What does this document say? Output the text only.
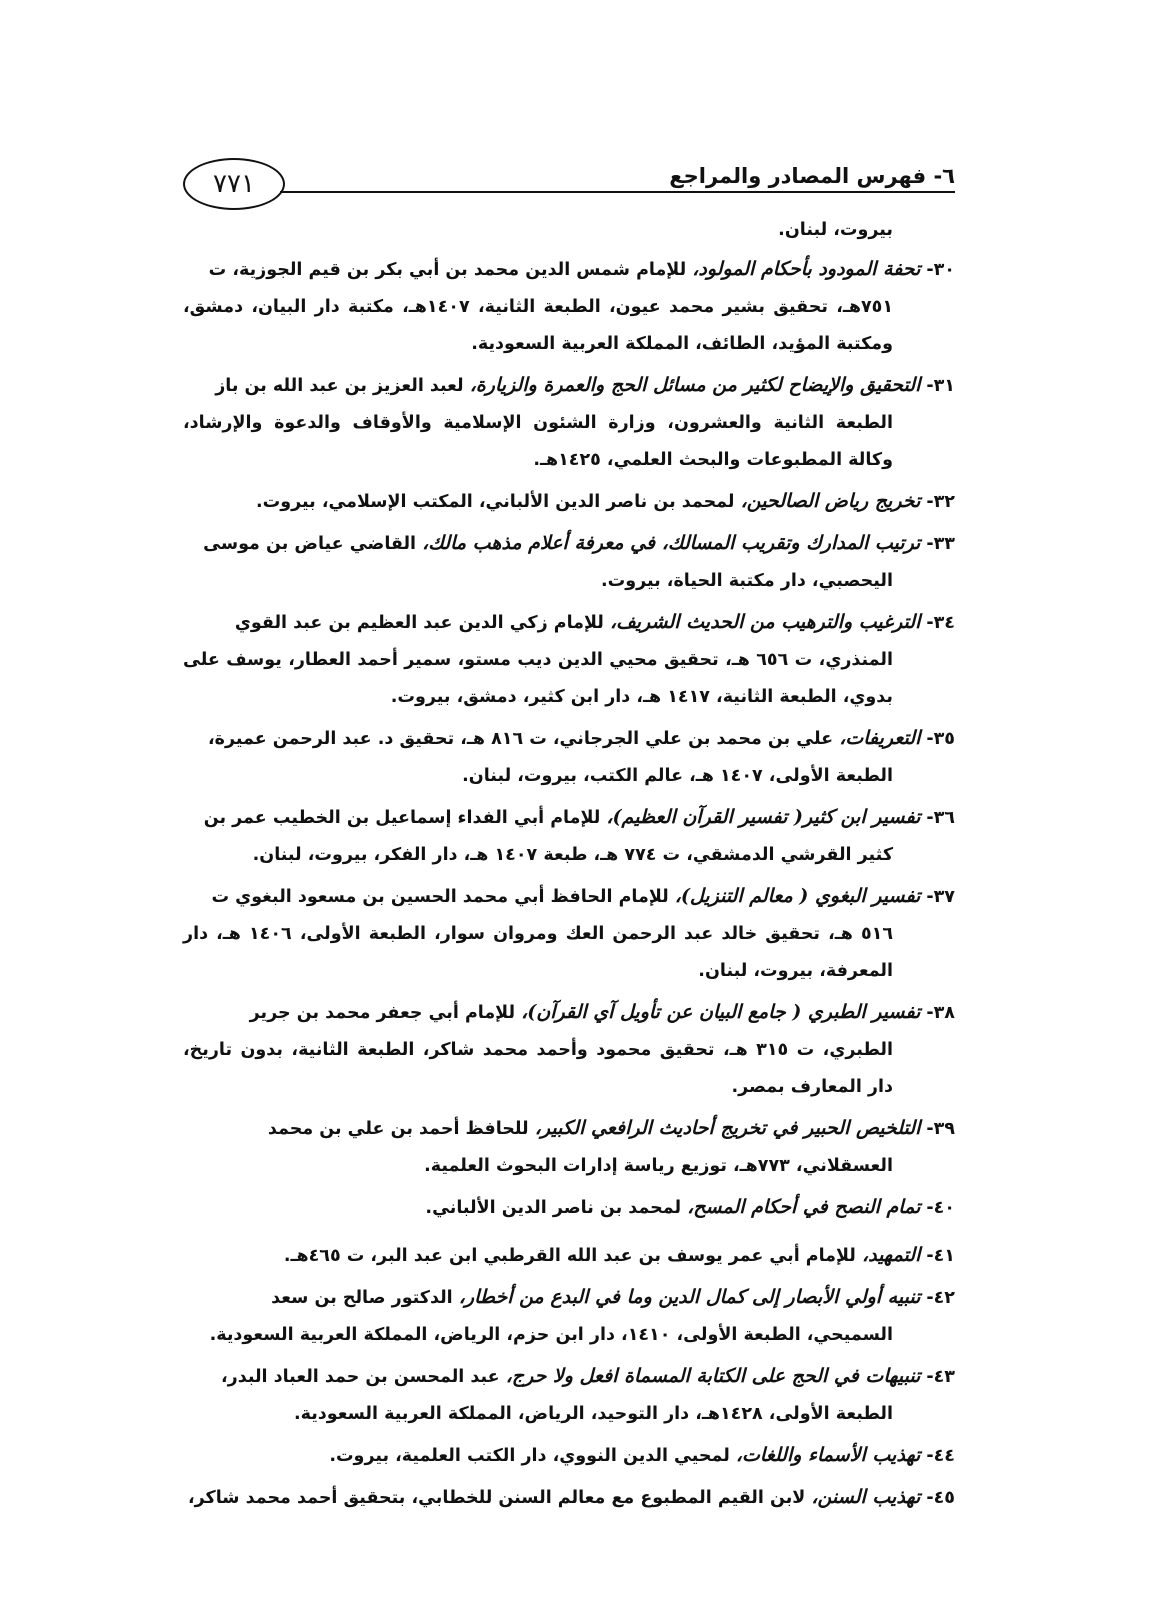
٧٧١	٦- فهرس المصادر والمراجع
بيروت، لبنان.
٣٠-تحفة المودود بأحكام المولود، للإمام شمس الدين محمد بن أبي بكر بن قيم الجوزية، ت
٧٥١هـ، تحقيق بشير محمد عيون، الطبعة الثانية، ١٤٠٧هـ، مكتبة دار البيان، دمشق، ومكتبة المؤيد، الطائف، المملكة العربية السعودية.
٣١-التحقيق والإيضاح لكثير من مسائل الحج والعمرة والزيارة، لعبد العزيز بن عبد الله بن باز
الطبعة الثانية والعشرون، وزارة الشئون الإسلامية والأوقاف والدعوة والإرشاد، وكالة المطبوعات والبحث العلمي، ١٤٢٥هـ.
٣٢-تخريج رياض الصالحين، لمحمد بن ناصر الدين الألباني، المكتب الإسلامي، بيروت.
٣٣-ترتيب المدارك وتقريب المسالك، في معرفة أعلام مذهب مالك، القاضي عياض بن موسى
اليحصبي، دار مكتبة الحياة، بيروت.
٣٤-الترغيب والترهيب من الحديث الشريف، للإمام زكي الدين عبد العظيم بن عبد القوي
المنذري، ت ٦٥٦ هـ، تحقيق محيي الدين ديب مستو، سمير أحمد العطار، يوسف على بدوي، الطبعة الثانية، ١٤١٧ هـ، دار ابن كثير، دمشق، بيروت.
٣٥-التعريفات، علي بن محمد بن علي الجرجاني، ت ٨١٦ هـ، تحقيق د. عبد الرحمن عميرة،
الطبعة الأولى، ١٤٠٧ هـ، عالم الكتب، بيروت، لبنان.
٣٦-تفسير ابن كثير( تفسير القرآن العظيم)، للإمام أبي الفداء إسماعيل بن الخطيب عمر بن
كثير القرشي الدمشقي، ت ٧٧٤ هـ، طبعة ١٤٠٧ هـ، دار الفكر، بيروت، لبنان.
٣٧-تفسير البغوي ( معالم التنزيل)، للإمام الحافظ أبي محمد الحسين بن مسعود البغوي ت
٥١٦ هـ، تحقيق خالد عبد الرحمن العك ومروان سوار، الطبعة الأولى، ١٤٠٦ هـ، دار المعرفة، بيروت، لبنان.
٣٨-تفسير الطبري ( جامع البيان عن تأويل آي القرآن)، للإمام أبي جعفر محمد بن جرير
الطبري، ت ٣١٥ هـ، تحقيق محمود وأحمد محمد شاكر، الطبعة الثانية، بدون تاريخ، دار المعارف بمصر.
٣٩-التلخيص الحبير في تخريج أحاديث الرافعي الكبير، للحافظ أحمد بن علي بن محمد
العسقلاني، ٧٧٣هـ، توزيع رياسة إدارات البحوث العلمية.
٤٠-تمام النصح في أحكام المسح، لمحمد بن ناصر الدين الألباني.
٤١-التمهيد، للإمام أبي عمر يوسف بن عبد الله القرطبي ابن عبد البر، ت ٤٦٥هـ.
٤٢-تنبيه أولي الأبصار إلى كمال الدين وما في البدع من أخطار، الدكتور صالح بن سعد
السميحي، الطبعة الأولى، ١٤١٠، دار ابن حزم، الرياض، المملكة العربية السعودية.
٤٣-تنبيهات في الحج على الكتابة المسماة افعل ولا حرج، عبد المحسن بن حمد العباد البدر،
الطبعة الأولى، ١٤٢٨هـ، دار التوحيد، الرياض، المملكة العربية السعودية.
٤٤-تهذيب الأسماء واللغات، لمحيي الدين النووي، دار الكتب العلمية، بيروت.
٤٥-تهذيب السنن، لابن القيم المطبوع مع معالم السنن للخطابي، بتحقيق أحمد محمد شاكر،
